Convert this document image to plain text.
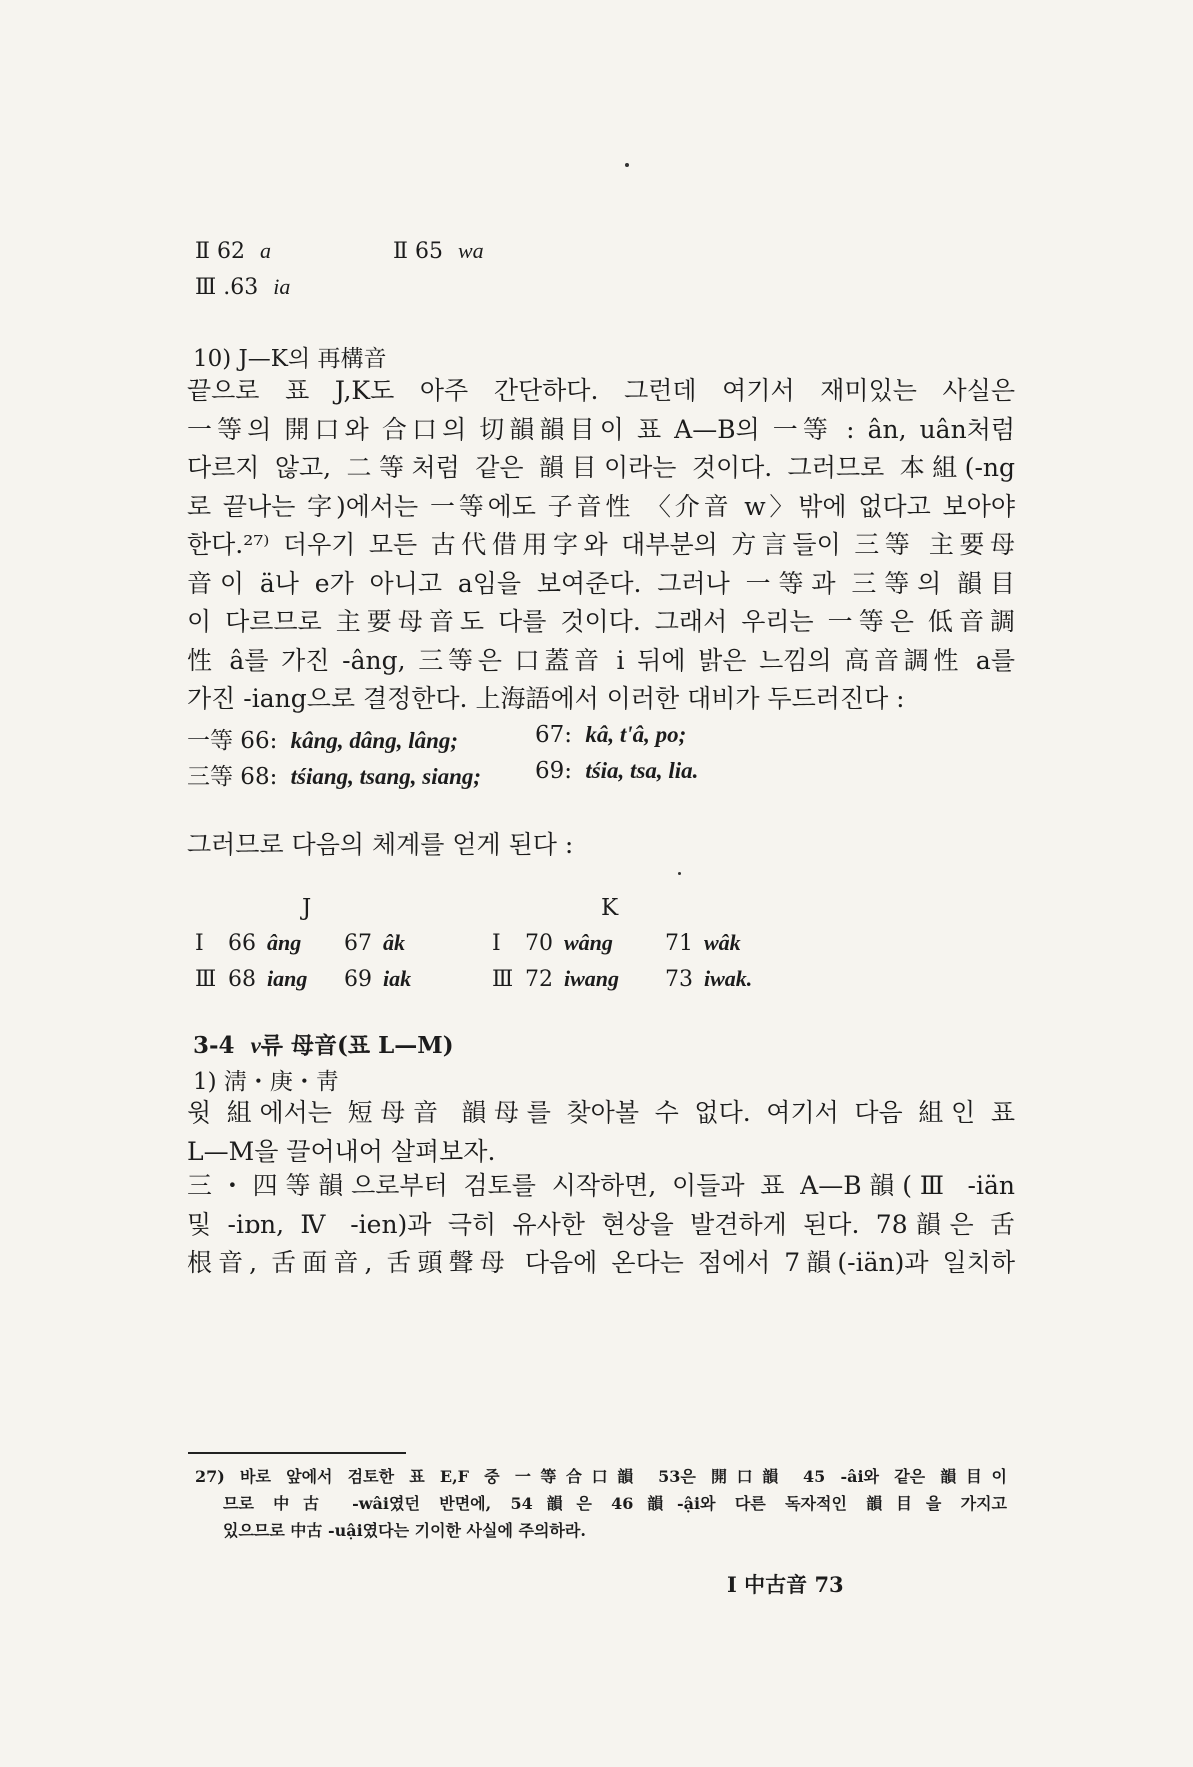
Ⅱ 62 a	Ⅱ 65 wa
Ⅲ .63 ia
10) J—K의 再構音
끝으로 표 J,K도 아주 간단하다. 그런데 여기서 재미있는 사실은
一等의 開口와 合口의 切韻韻目이 표 A—B의 一等 : ân, uân처럼
다르지 않고, 二等처럼 같은 韻目이라는 것이다. 그러므로 本組(-ng
로 끝나는 字)에서는 一等에도 子音性 〈介音 w〉밖에 없다고 보아야
한다.²⁷⁾ 더우기 모든 古代借用字와 대부분의 方言들이 三等 主要母
音이 ä나 e가 아니고 a임을 보여준다. 그러나 一等과 三等의 韻目
이 다르므로 主要母音도 다를 것이다. 그래서 우리는 一等은 低音調
性 â를 가진 -âng, 三等은 口蓋音 i 뒤에 밝은 느낌의 高音調性 a를
가진 -iang으로 결정한다. 上海語에서 이러한 대비가 두드러진다 :
一等 66: kâng, dâng, lâng;	67: kâ, t'â, po;
三等 68: tśiang, tsang, siang; 69: tśia, tsa, lia.
그러므로 다음의 체계를 얻게 된다 :
J	K
Ⅰ 66 âng 67 âk	Ⅰ 70 wâng 71 wâk
Ⅲ 68 iang 69 iak	Ⅲ 72 iwang 73 iwak.
3-4 v류 母音(표 L—M)
1) 淸・庚・靑
윗 組에서는 短母音 韻母를 찾아볼 수 없다. 여기서 다음 組인 표
L—M을 끌어내어 살펴보자.
三・四等韻으로부터 검토를 시작하면, 이들과 표 A—B韻(Ⅲ -iän
및 -iɒn, Ⅳ -ien)과 극히 유사한 현상을 발견하게 된다. 78韻은 舌
根音, 舌面音, 舌頭聲母 다음에 온다는 점에서 7韻(-iän)과 일치하
27) 바로 앞에서 검토한 표 E,F 중 一等合口韻 53은 開口韻 45 -âi와 같은 韻目이
므로 中古 -wâi였던 반면에, 54韻은 46韻-ậi와 다른 독자적인 韻目을 가지고
있으므로 中古 -uậi였다는 기이한 사실에 주의하라.
Ⅰ 中古音 73
